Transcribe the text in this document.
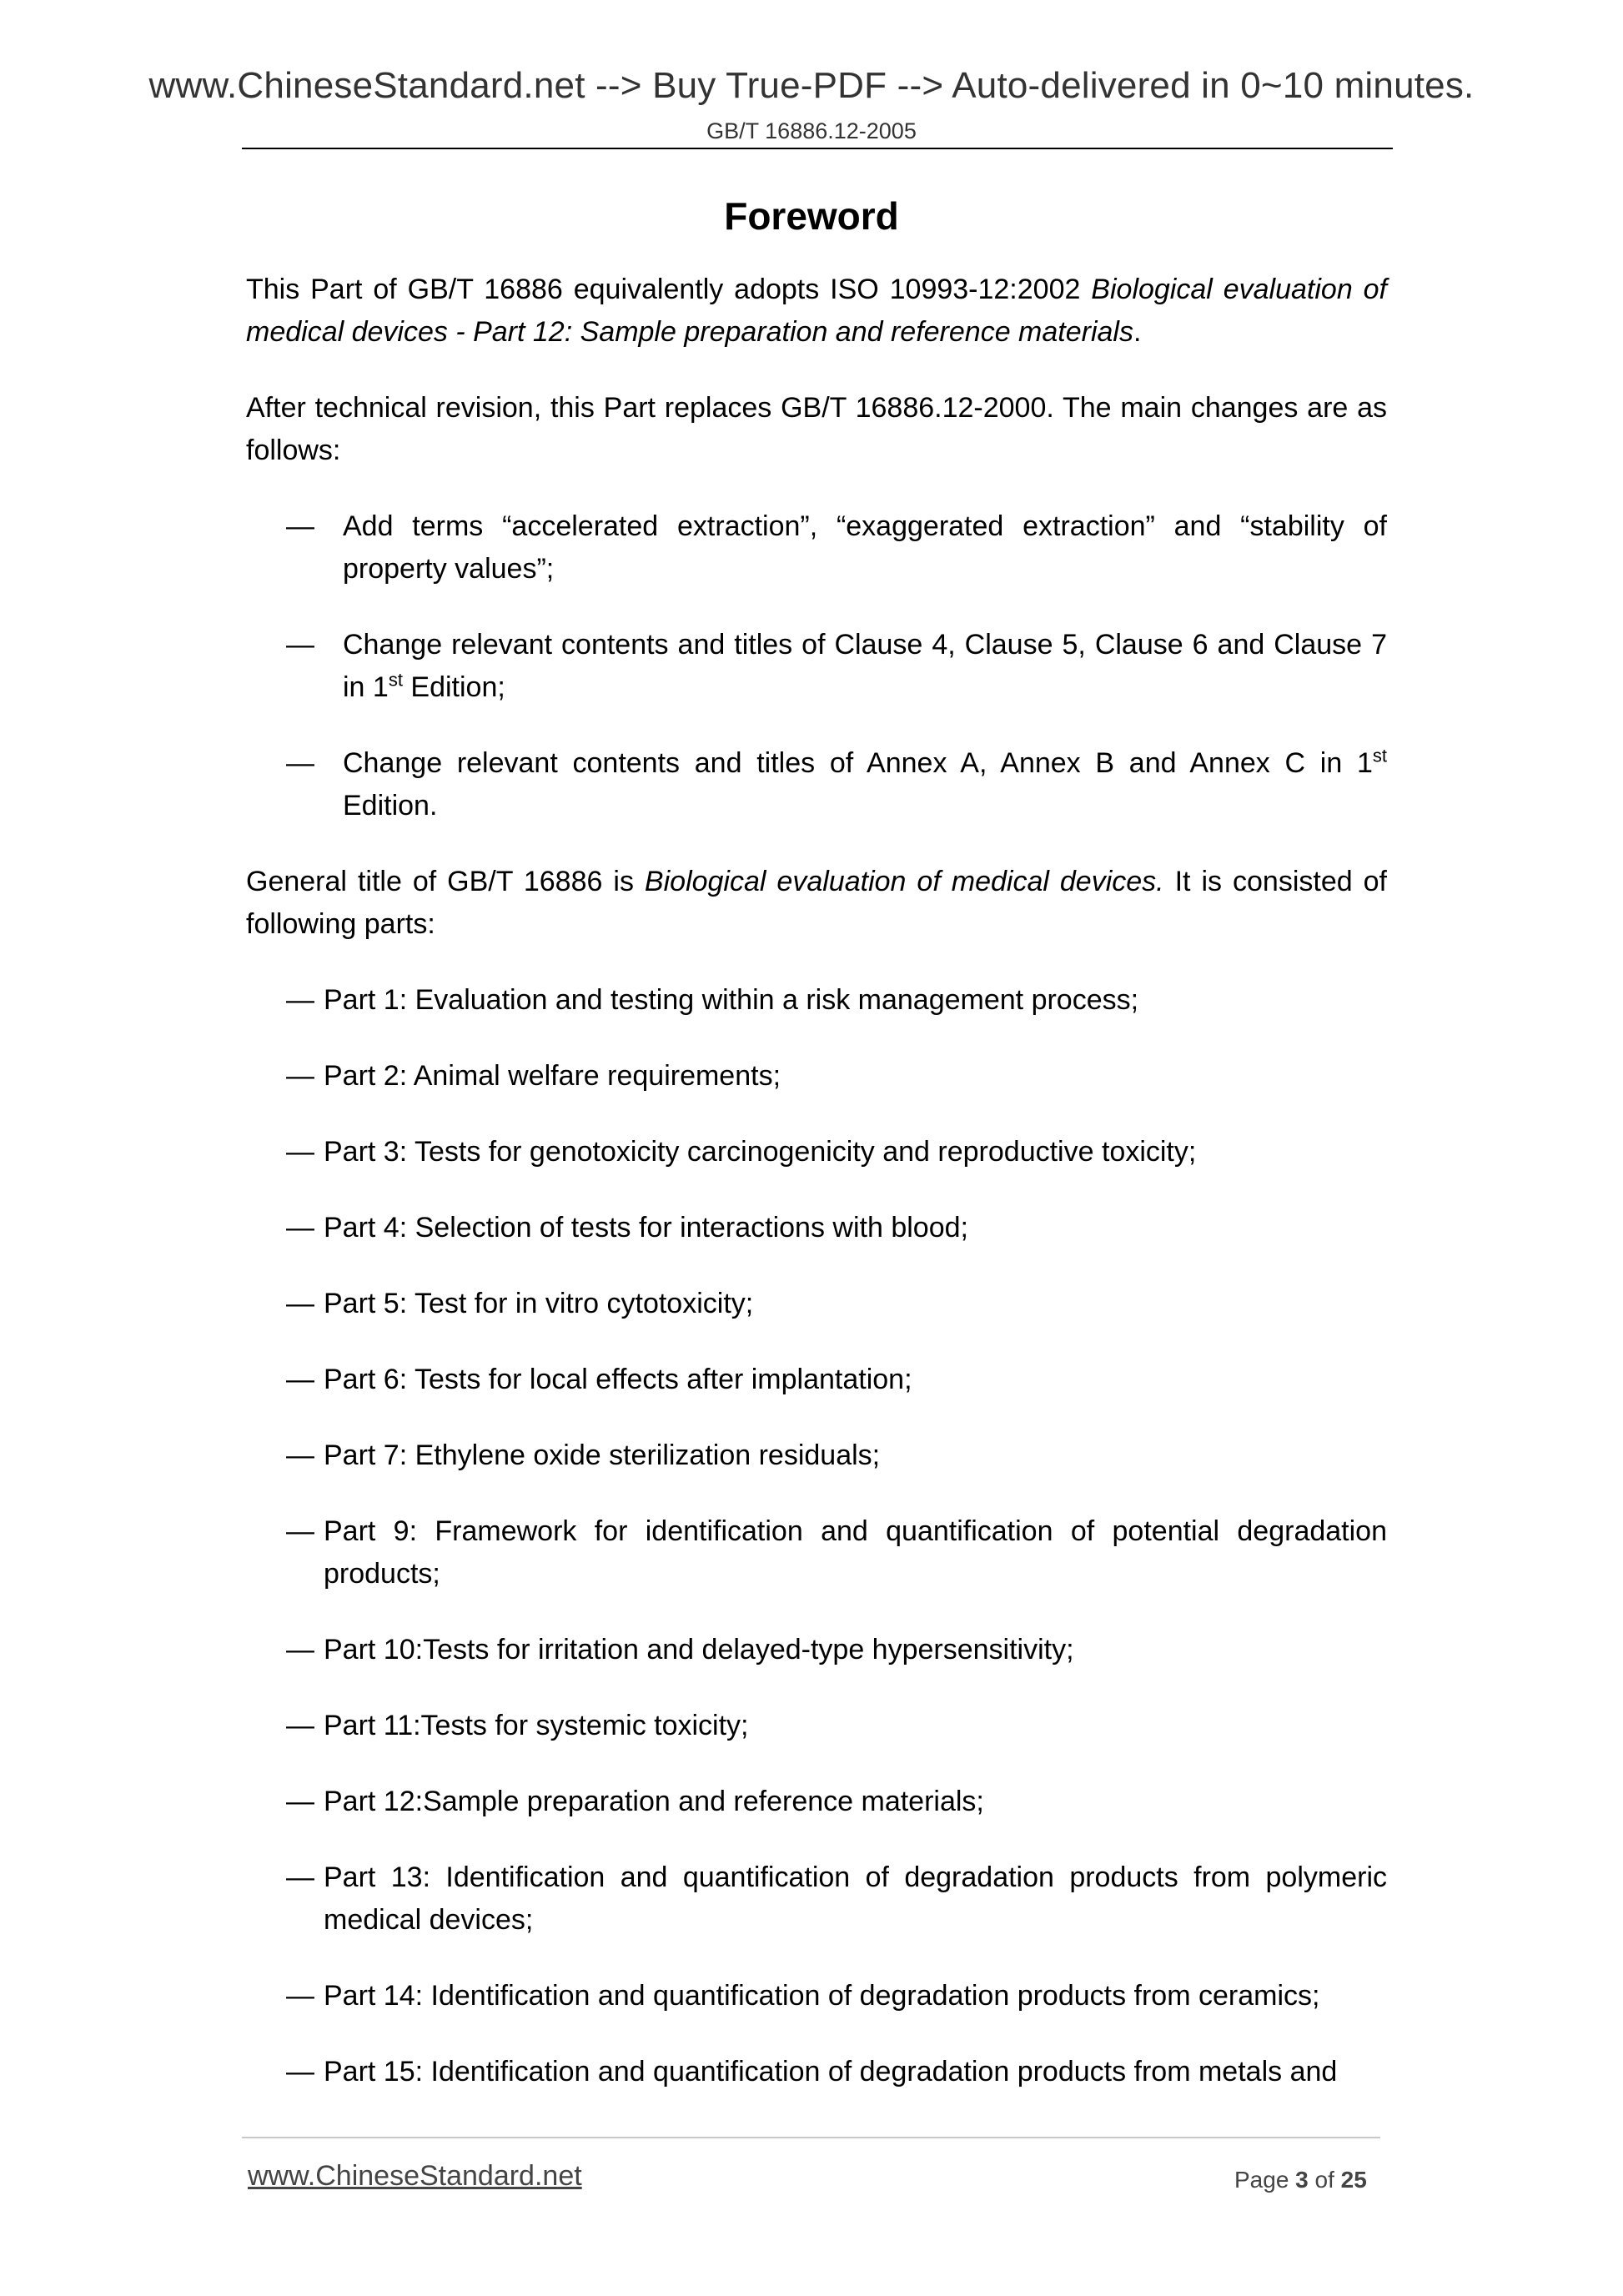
www.ChineseStandard.net --> Buy True-PDF --> Auto-delivered in 0~10 minutes.
GB/T 16886.12-2005
Foreword

This Part of GB/T 16886 equivalently adopts ISO 10993-12:2002 Biological evaluation of medical devices - Part 12: Sample preparation and reference materials.

After technical revision, this Part replaces GB/T 16886.12-2000. The main changes are as follows:

— Add terms “accelerated extraction”, “exaggerated extraction” and “stability of property values”;
— Change relevant contents and titles of Clause 4, Clause 5, Clause 6 and Clause 7 in 1st Edition;
— Change relevant contents and titles of Annex A, Annex B and Annex C in 1st Edition.

General title of GB/T 16886 is Biological evaluation of medical devices. It is consisted of following parts:

— Part 1: Evaluation and testing within a risk management process;
— Part 2: Animal welfare requirements;
— Part 3: Tests for genotoxicity carcinogenicity and reproductive toxicity;
— Part 4: Selection of tests for interactions with blood;
— Part 5: Test for in vitro cytotoxicity;
— Part 6: Tests for local effects after implantation;
— Part 7: Ethylene oxide sterilization residuals;
— Part 9: Framework for identification and quantification of potential degradation products;
— Part 10:Tests for irritation and delayed-type hypersensitivity;
— Part 11:Tests for systemic toxicity;
— Part 12:Sample preparation and reference materials;
— Part 13: Identification and quantification of degradation products from polymeric medical devices;
— Part 14: Identification and quantification of degradation products from ceramics;
— Part 15: Identification and quantification of degradation products from metals and
www.ChineseStandard.net	Page 3 of 25
